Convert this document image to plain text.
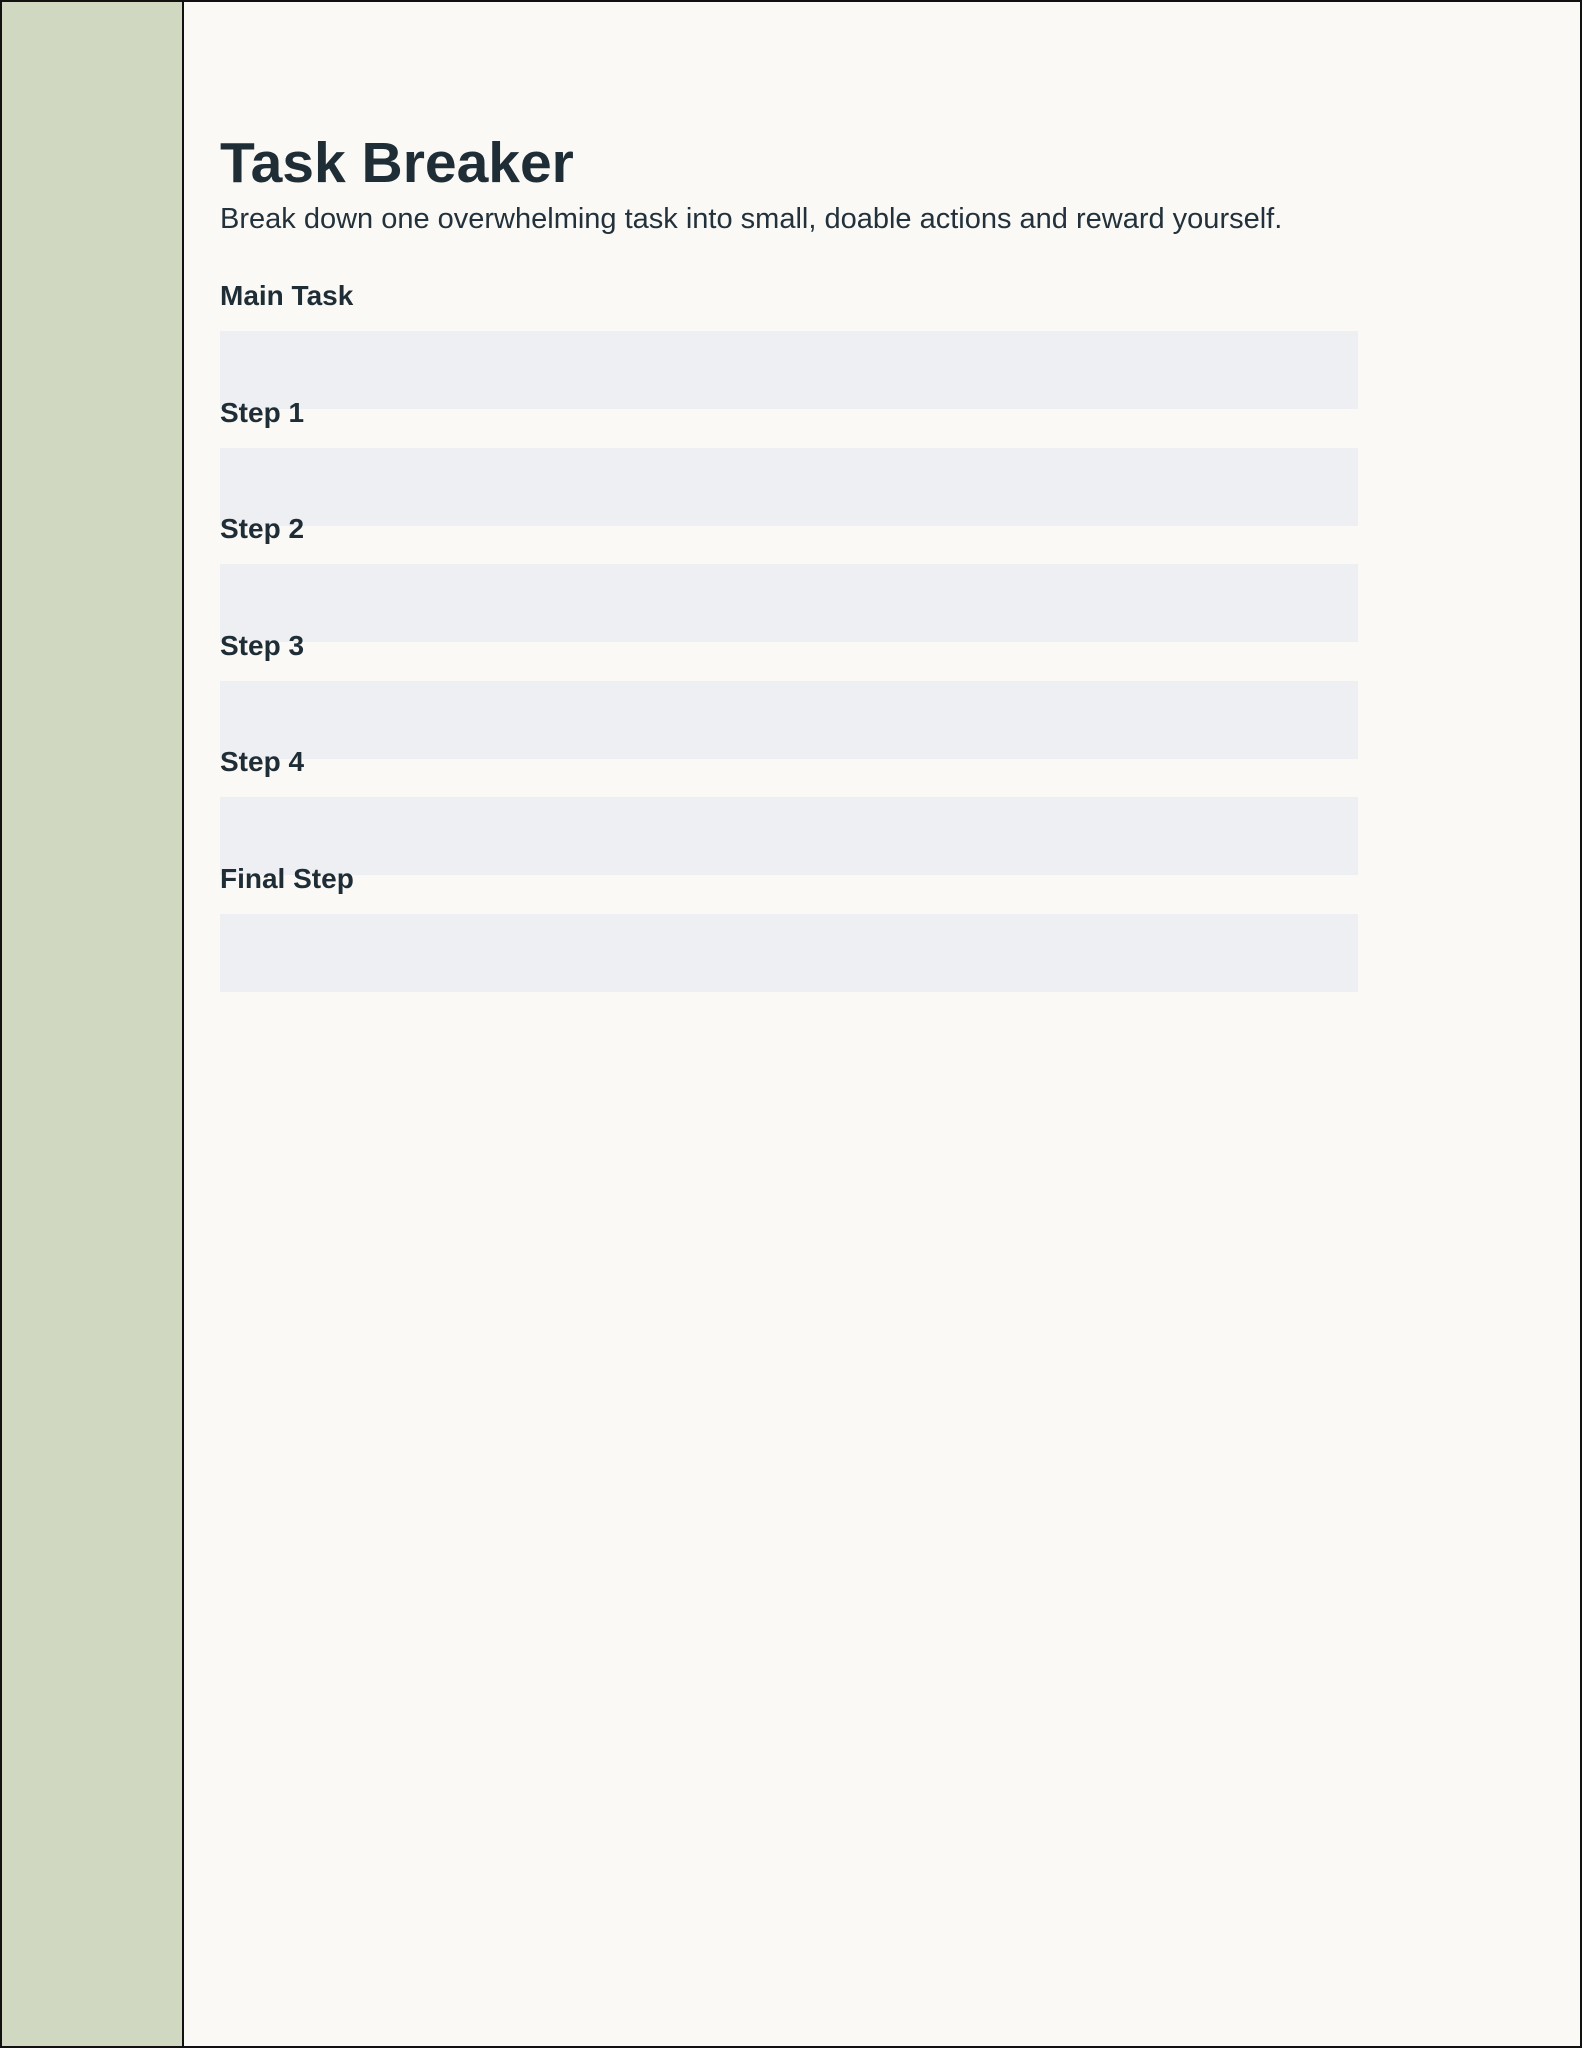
Task Breaker

Break down one overwhelming task into small, doable actions and reward yourself.

Main Task
Step 1
Step 2
Step 3
Step 4
Final Step
